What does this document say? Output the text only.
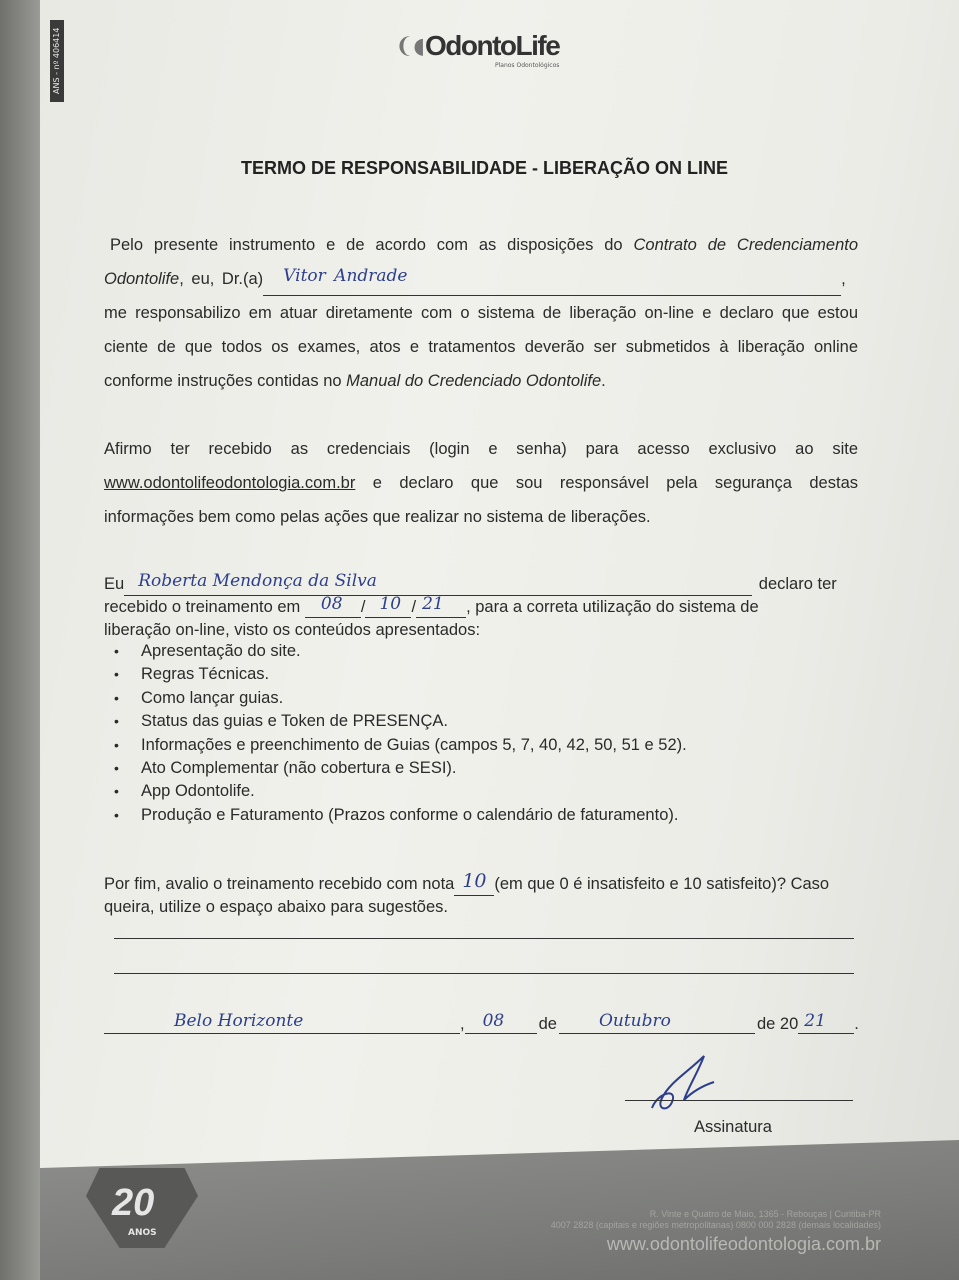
ANS - nº 406414	❨◖ OdontoLife
Planos Odontológicos
TERMO DE RESPONSABILIDADE - LIBERAÇÃO ON LINE
Pelo presente instrumento e de acordo com as disposições do Contrato de Credenciamento
Odontolife, eu, Dr.(a) Vitor Andrade	,
me responsabilizo em atuar diretamente com o sistema de liberação on-line e declaro que estou
ciente de que todos os exames, atos e tratamentos deverão ser submetidos à liberação online
conforme instruções contidas no Manual do Credenciado Odontolife.
Afirmo ter recebido as credenciais (login e senha) para acesso exclusivo ao site
www.odontolifeodontologia.com.br e declaro que sou responsável pela segurança destas
informações bem como pelas ações que realizar no sistema de liberações.
Eu Roberta Mendonça da Silva	declaro ter
recebido o treinamento em 08 / 10 / 21 , para a correta utilização do sistema de
liberação on-line, visto os conteúdos apresentados:
• Apresentação do site.
• Regras Técnicas.
• Como lançar guias.
• Status das guias e Token de PRESENÇA.
• Informações e preenchimento de Guias (campos 5, 7, 40, 42, 50, 51 e 52).
• Ato Complementar (não cobertura e SESI).
• App Odontolife.
• Produção e Faturamento (Prazos conforme o calendário de faturamento).
Por fim, avalio o treinamento recebido com nota 10 (em que 0 é insatisfeito e 10 satisfeito)? Caso
queira, utilize o espaço abaixo para sugestões.
Belo Horizonte	, 08 de Outubro	de 20 21 .
Assinatura
20
ANOS
R. Vinte e Quatro de Maio, 1365 - Rebouças | Curitiba-PR
4007 2828 (capitais e regiões metropolitanas) 0800 000 2828 (demais localidades)
www.odontolifeodontologia.com.br
